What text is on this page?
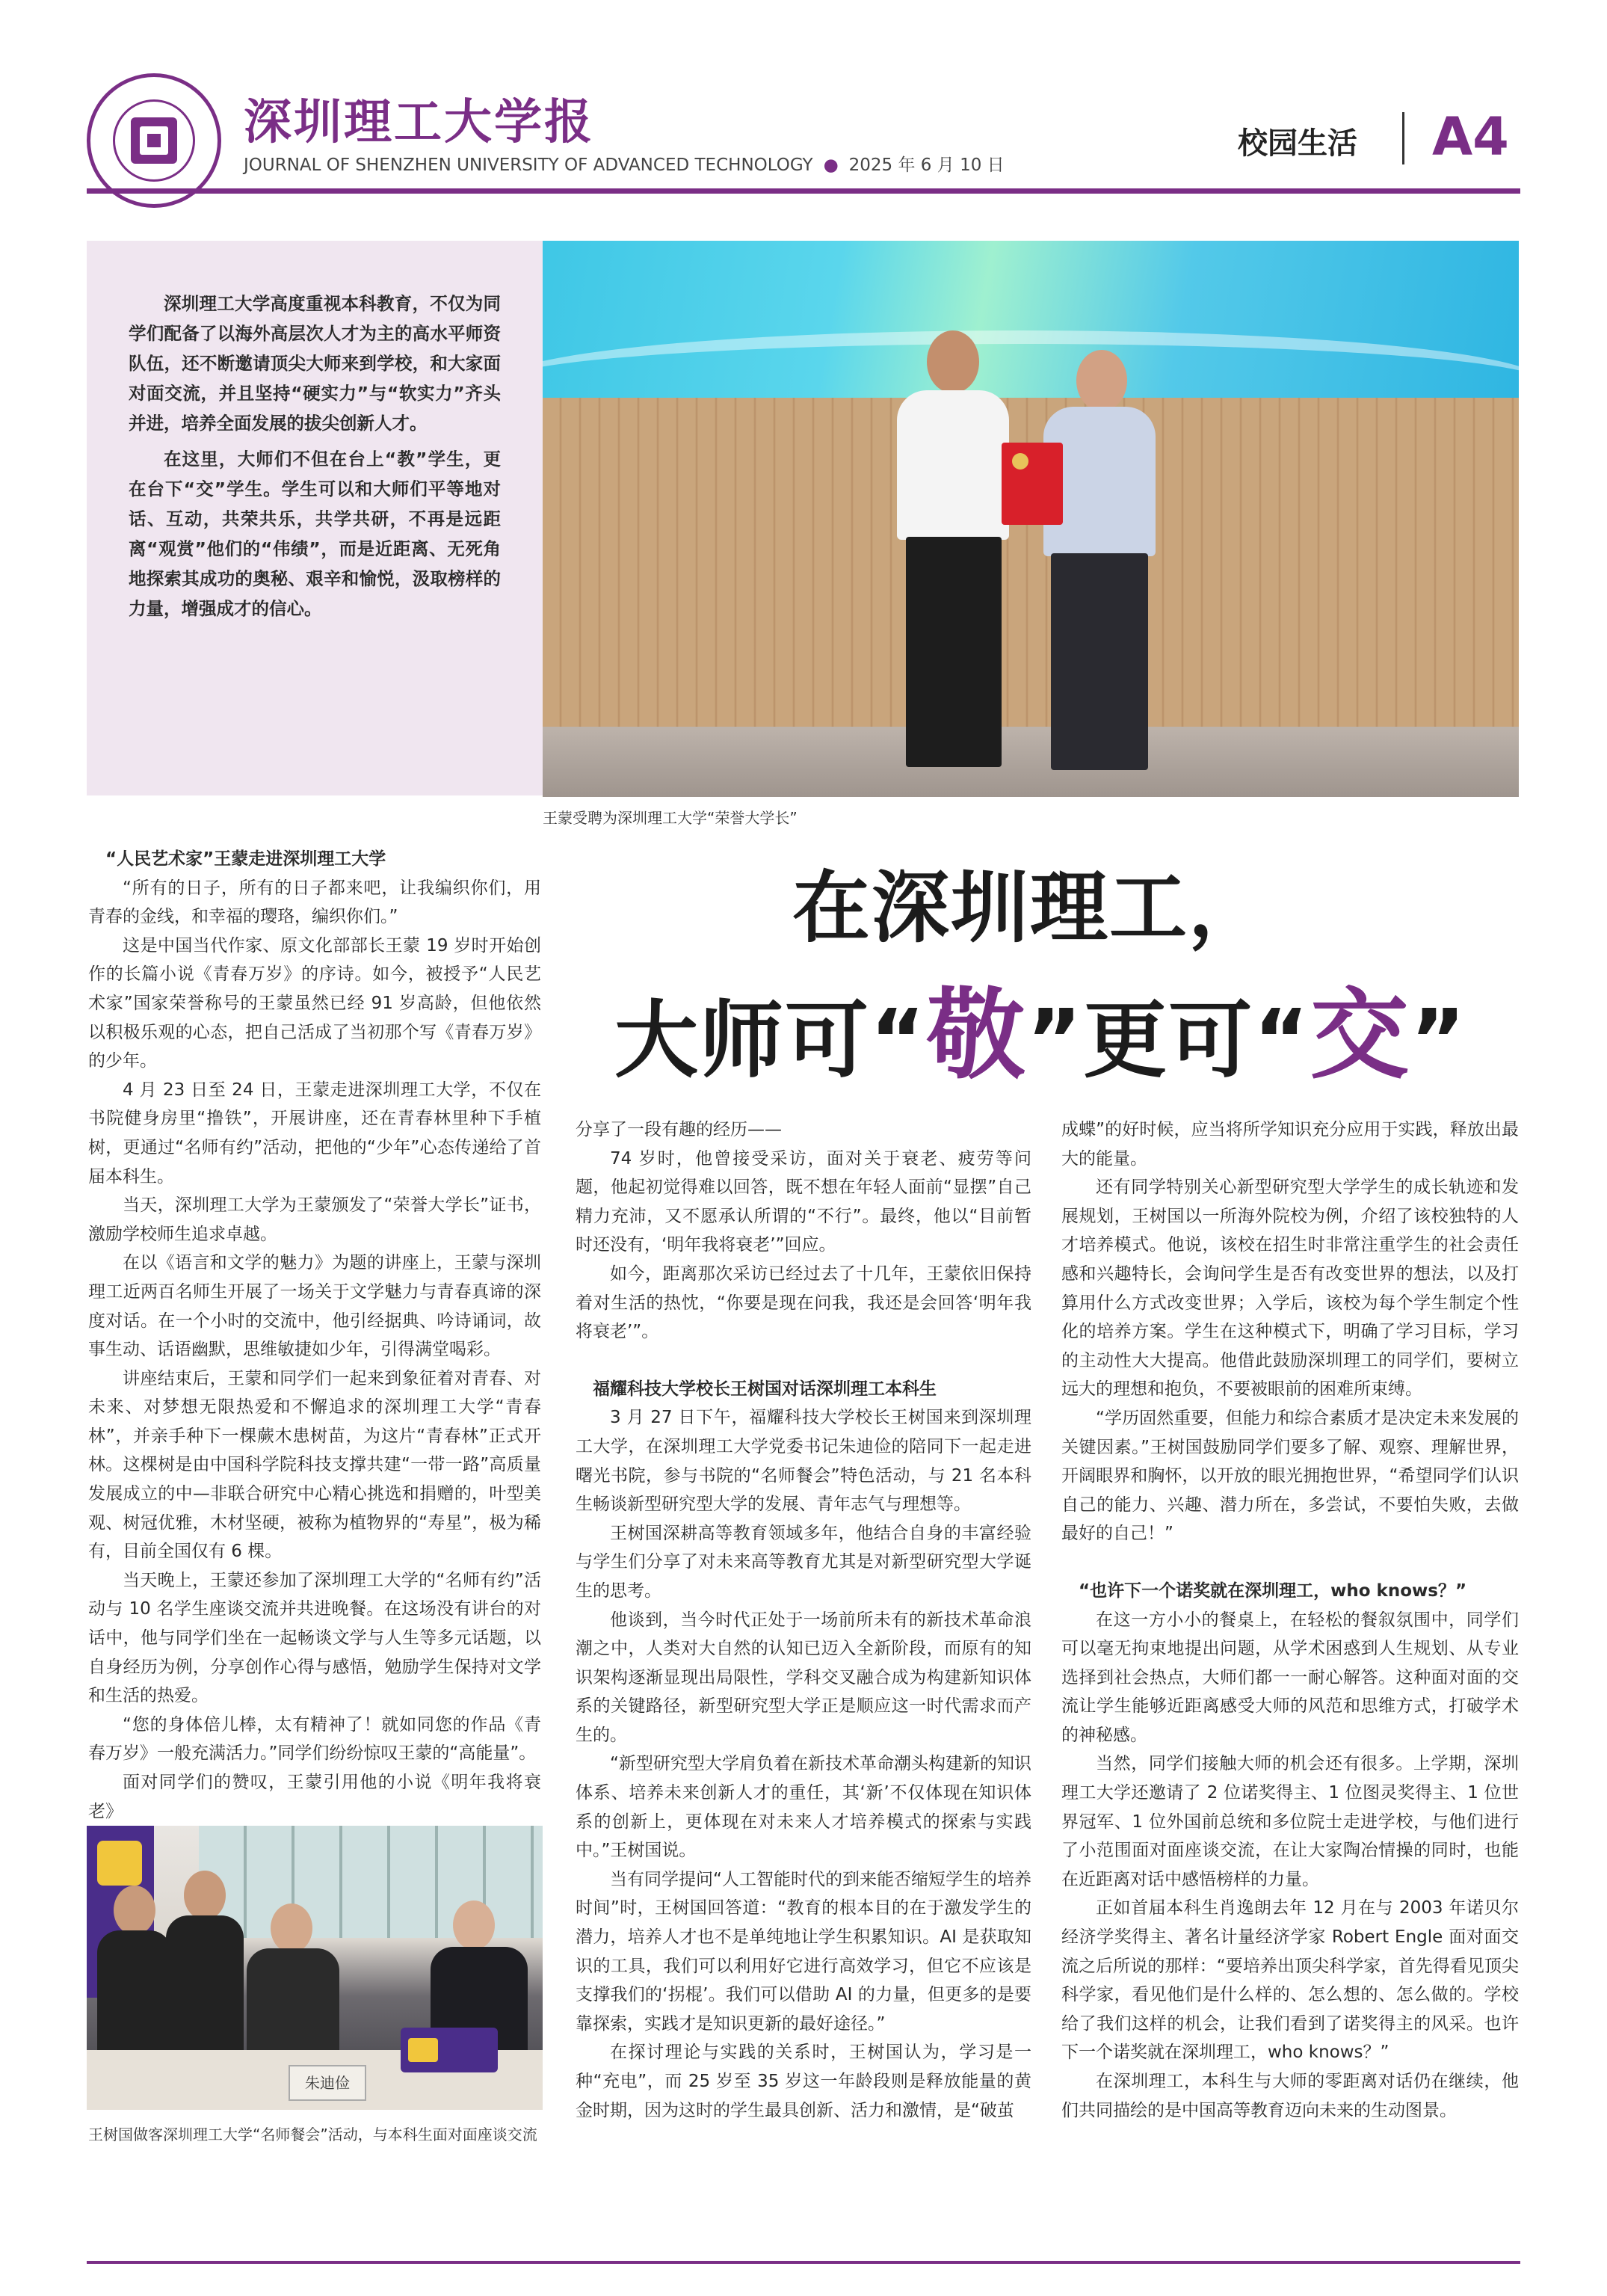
深圳理工大学报
JOURNAL OF SHENZHEN UNIVERSITY OF ADVANCED TECHNOLOGY ● 2025 年 6 月 10 日
校园生活 A4

深圳理工大学高度重视本科教育，不仅为同学们配备了以海外高层次人才为主的高水平师资队伍，还不断邀请顶尖大师来到学校，和大家面对面交流，并且坚持“硬实力”与“软实力”齐头并进，培养全面发展的拔尖创新人才。

在这里，大师们不但在台上“教”学生，更在台下“交”学生。学生可以和大师们平等地对话、互动，共荣共乐，共学共研，不再是远距离“观赏”他们的“伟绩”，而是近距离、无死角地探索其成功的奥秘、艰辛和愉悦，汲取榜样的力量，增强成才的信心。

王蒙受聘为深圳理工大学“荣誉大学长”
在深圳理工，
大师可“敬”更可“交”
“人民艺术家”王蒙走进深圳理工大学

“所有的日子，所有的日子都来吧，让我编织你们，用青春的金线，和幸福的璎珞，编织你们。”

这是中国当代作家、原文化部部长王蒙 19 岁时开始创作的长篇小说《青春万岁》的序诗。如今，被授予“人民艺术家”国家荣誉称号的王蒙虽然已经 91 岁高龄，但他依然以积极乐观的心态，把自己活成了当初那个写《青春万岁》的少年。

4 月 23 日至 24 日，王蒙走进深圳理工大学，不仅在书院健身房里“撸铁”，开展讲座，还在青春林里种下手植树，更通过“名师有约”活动，把他的“少年”心态传递给了首届本科生。

当天，深圳理工大学为王蒙颁发了“荣誉大学长”证书，激励学校师生追求卓越。

在以《语言和文学的魅力》为题的讲座上，王蒙与深圳理工近两百名师生开展了一场关于文学魅力与青春真谛的深度对话。在一个小时的交流中，他引经据典、吟诗诵词，故事生动、话语幽默，思维敏捷如少年，引得满堂喝彩。

讲座结束后，王蒙和同学们一起来到象征着对青春、对未来、对梦想无限热爱和不懈追求的深圳理工大学“青春林”，并亲手种下一棵蕨木患树苗，为这片“青春林”正式开林。这棵树是由中国科学院科技支撑共建“一带一路”高质量发展成立的中—非联合研究中心精心挑选和捐赠的，叶型美观、树冠优雅，木材坚硬，被称为植物界的“寿星”，极为稀有，目前全国仅有 6 棵。

当天晚上，王蒙还参加了深圳理工大学的“名师有约”活动与 10 名学生座谈交流并共进晚餐。在这场没有讲台的对话中，他与同学们坐在一起畅谈文学与人生等多元话题，以自身经历为例，分享创作心得与感悟，勉励学生保持对文学和生活的热爱。

“您的身体倍儿棒，太有精神了！就如同您的作品《青春万岁》一般充满活力。”同学们纷纷惊叹王蒙的“高能量”。

面对同学们的赞叹，王蒙引用他的小说《明年我将衰老》

朱迪俭
王树国做客深圳理工大学“名师餐会”活动，与本科生面对面座谈交流

分享了一段有趣的经历——

74 岁时，他曾接受采访，面对关于衰老、疲劳等问题，他起初觉得难以回答，既不想在年轻人面前“显摆”自己精力充沛，又不愿承认所谓的“不行”。最终，他以“目前暂时还没有，‘明年我将衰老’”回应。

如今，距离那次采访已经过去了十几年，王蒙依旧保持着对生活的热忱，“你要是现在问我，我还是会回答‘明年我将衰老’”。

福耀科技大学校长王树国对话深圳理工本科生

3 月 27 日下午，福耀科技大学校长王树国来到深圳理工大学，在深圳理工大学党委书记朱迪俭的陪同下一起走进曙光书院，参与书院的“名师餐会”特色活动，与 21 名本科生畅谈新型研究型大学的发展、青年志气与理想等。

王树国深耕高等教育领域多年，他结合自身的丰富经验与学生们分享了对未来高等教育尤其是对新型研究型大学诞生的思考。

他谈到，当今时代正处于一场前所未有的新技术革命浪潮之中，人类对大自然的认知已迈入全新阶段，而原有的知识架构逐渐显现出局限性，学科交叉融合成为构建新知识体系的关键路径，新型研究型大学正是顺应这一时代需求而产生的。

“新型研究型大学肩负着在新技术革命潮头构建新的知识体系、培养未来创新人才的重任，其‘新’不仅体现在知识体系的创新上，更体现在对未来人才培养模式的探索与实践中。”王树国说。

当有同学提问“人工智能时代的到来能否缩短学生的培养时间”时，王树国回答道：“教育的根本目的在于激发学生的潜力，培养人才也不是单纯地让学生积累知识。AI 是获取知识的工具，我们可以利用好它进行高效学习，但它不应该是支撑我们的‘拐棍’。我们可以借助 AI 的力量，但更多的是要靠探索，实践才是知识更新的最好途径。”

在探讨理论与实践的关系时，王树国认为，学习是一种“充电”，而 25 岁至 35 岁这一年龄段则是释放能量的黄金时期，因为这时的学生最具创新、活力和激情，是“破茧

成蝶”的好时候，应当将所学知识充分应用于实践，释放出最大的能量。

还有同学特别关心新型研究型大学学生的成长轨迹和发展规划，王树国以一所海外院校为例，介绍了该校独特的人才培养模式。他说，该校在招生时非常注重学生的社会责任感和兴趣特长，会询问学生是否有改变世界的想法，以及打算用什么方式改变世界；入学后，该校为每个学生制定个性化的培养方案。学生在这种模式下，明确了学习目标，学习的主动性大大提高。他借此鼓励深圳理工的同学们，要树立远大的理想和抱负，不要被眼前的困难所束缚。

“学历固然重要，但能力和综合素质才是决定未来发展的关键因素。”王树国鼓励同学们要多了解、观察、理解世界，开阔眼界和胸怀，以开放的眼光拥抱世界，“希望同学们认识自己的能力、兴趣、潜力所在，多尝试，不要怕失败，去做最好的自己！”

“也许下一个诺奖就在深圳理工，who knows？”

在这一方小小的餐桌上，在轻松的餐叙氛围中，同学们可以毫无拘束地提出问题，从学术困惑到人生规划、从专业选择到社会热点，大师们都一一耐心解答。这种面对面的交流让学生能够近距离感受大师的风范和思维方式，打破学术的神秘感。

当然，同学们接触大师的机会还有很多。上学期，深圳理工大学还邀请了 2 位诺奖得主、1 位图灵奖得主、1 位世界冠军、1 位外国前总统和多位院士走进学校，与他们进行了小范围面对面座谈交流，在让大家陶冶情操的同时，也能在近距离对话中感悟榜样的力量。

正如首届本科生肖逸朗去年 12 月在与 2003 年诺贝尔经济学奖得主、著名计量经济学家 Robert Engle 面对面交流之后所说的那样：“要培养出顶尖科学家，首先得看见顶尖科学家，看见他们是什么样的、怎么想的、怎么做的。学校给了我们这样的机会，让我们看到了诺奖得主的风采。也许下一个诺奖就在深圳理工，who knows？”

在深圳理工，本科生与大师的零距离对话仍在继续，他们共同描绘的是中国高等教育迈向未来的生动图景。
